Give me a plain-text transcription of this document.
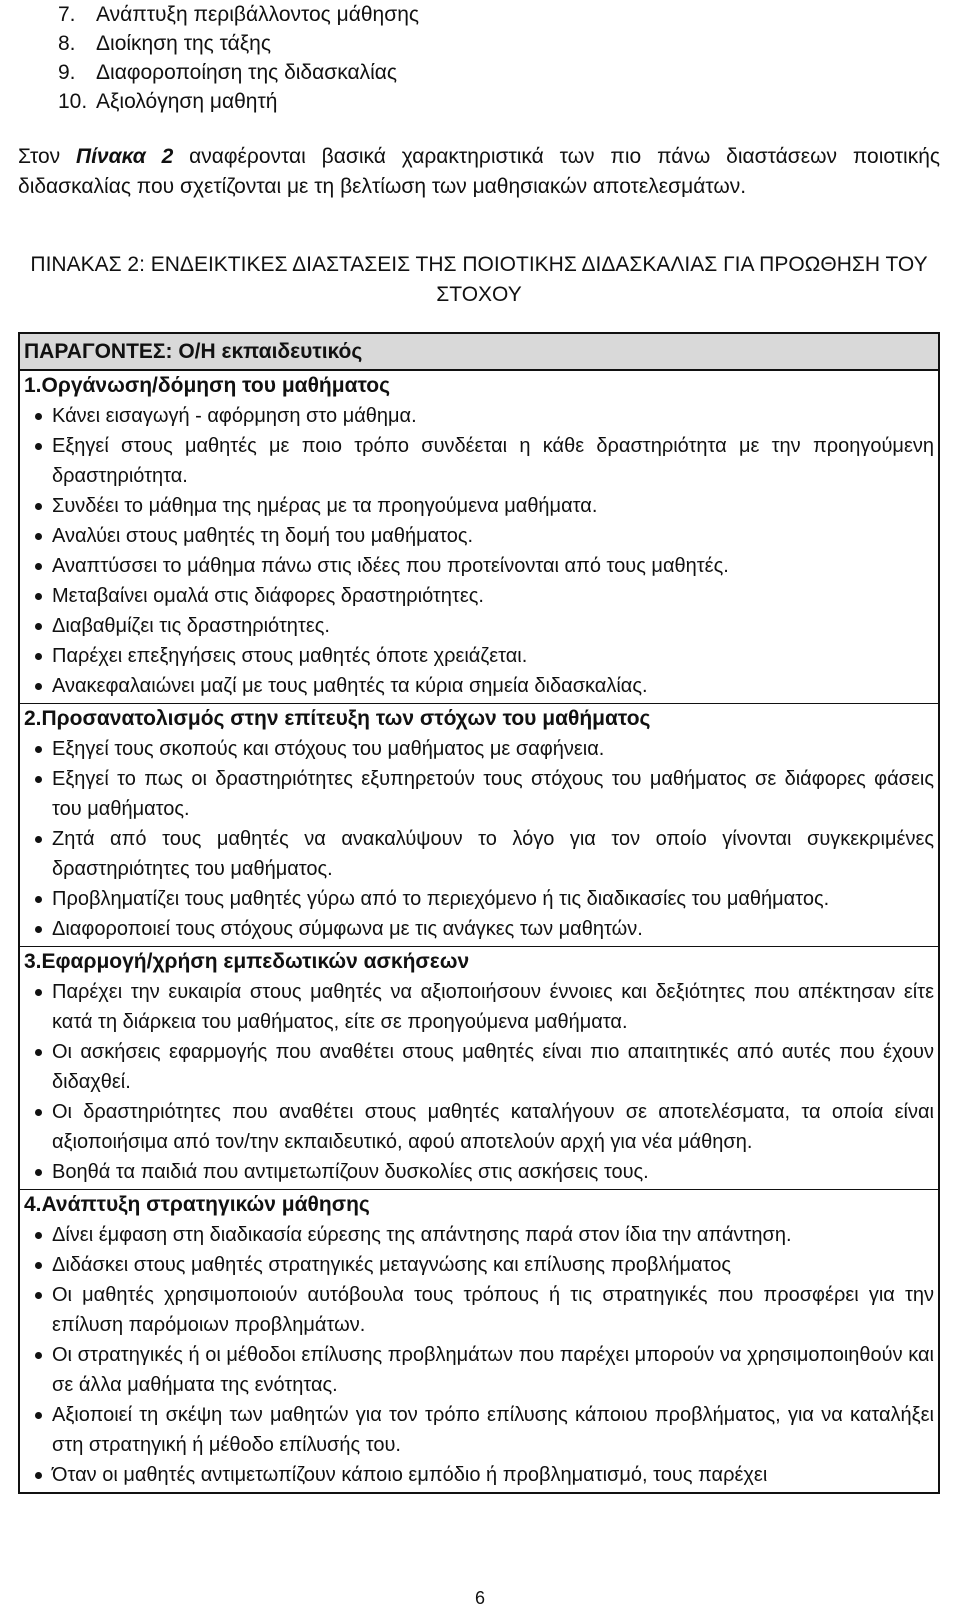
7. Ανάπτυξη περιβάλλοντος μάθησης
8. Διοίκηση της τάξης
9. Διαφοροποίηση της διδασκαλίας
10. Αξιολόγηση μαθητή
Στον Πίνακα 2 αναφέρονται βασικά χαρακτηριστικά των πιο πάνω διαστάσεων ποιοτικής διδασκαλίας που σχετίζονται με τη βελτίωση των μαθησιακών αποτελεσμάτων.
ΠΙΝΑΚΑΣ 2: ΕΝΔΕΙΚΤΙΚΕΣ ΔΙΑΣΤΑΣΕΙΣ ΤΗΣ ΠΟΙΟΤΙΚΗΣ ΔΙΔΑΣΚΑΛΙΑΣ ΓΙΑ ΠΡΟΩΘΗΣΗ ΤΟΥ ΣΤΟΧΟΥ
ΠΑΡΑΓΟΝΤΕΣ: Ο/Η εκπαιδευτικός
1.Οργάνωση/δόμηση του μαθήματος
Κάνει εισαγωγή - αφόρμηση στο μάθημα.
Εξηγεί στους μαθητές με ποιο τρόπο συνδέεται η κάθε δραστηριότητα με την προηγούμενη δραστηριότητα.
Συνδέει το μάθημα της ημέρας με τα προηγούμενα μαθήματα.
Αναλύει στους μαθητές τη δομή του μαθήματος.
Αναπτύσσει το μάθημα πάνω στις ιδέες που προτείνονται από τους μαθητές.
Μεταβαίνει ομαλά στις διάφορες δραστηριότητες.
Διαβαθμίζει τις δραστηριότητες.
Παρέχει επεξηγήσεις στους μαθητές όποτε χρειάζεται.
Ανακεφαλαιώνει μαζί με τους μαθητές τα κύρια σημεία διδασκαλίας.
2.Προσανατολισμός στην επίτευξη των στόχων του μαθήματος
Εξηγεί τους σκοπούς και στόχους του μαθήματος με σαφήνεια.
Εξηγεί το πως οι δραστηριότητες εξυπηρετούν τους στόχους του μαθήματος σε διάφορες φάσεις του μαθήματος.
Ζητά από τους μαθητές να ανακαλύψουν το λόγο για τον οποίο γίνονται συγκεκριμένες δραστηριότητες του μαθήματος.
Προβληματίζει τους μαθητές γύρω από το περιεχόμενο ή τις διαδικασίες του μαθήματος.
Διαφοροποιεί τους στόχους σύμφωνα με τις ανάγκες των μαθητών.
3.Εφαρμογή/χρήση εμπεδωτικών ασκήσεων
Παρέχει την ευκαιρία στους μαθητές να αξιοποιήσουν έννοιες και δεξιότητες που απέκτησαν είτε κατά τη διάρκεια του μαθήματος, είτε σε προηγούμενα μαθήματα.
Οι ασκήσεις εφαρμογής που αναθέτει στους μαθητές είναι πιο απαιτητικές από αυτές που έχουν διδαχθεί.
Οι δραστηριότητες που αναθέτει στους μαθητές καταλήγουν σε αποτελέσματα, τα οποία είναι αξιοποιήσιμα από τον/την εκπαιδευτικό, αφού αποτελούν αρχή για νέα μάθηση.
Βοηθά τα παιδιά που αντιμετωπίζουν δυσκολίες στις ασκήσεις τους.
4.Ανάπτυξη στρατηγικών μάθησης
Δίνει έμφαση στη διαδικασία εύρεσης της απάντησης παρά στον ίδια την απάντηση.
Διδάσκει στους μαθητές στρατηγικές μεταγνώσης και επίλυσης προβλήματος
Οι μαθητές χρησιμοποιούν αυτόβουλα τους τρόπους ή τις στρατηγικές που προσφέρει για την επίλυση παρόμοιων προβλημάτων.
Οι στρατηγικές ή οι μέθοδοι επίλυσης προβλημάτων που παρέχει μπορούν να χρησιμοποιηθούν και σε άλλα μαθήματα της ενότητας.
Αξιοποιεί τη σκέψη των μαθητών για τον τρόπο επίλυσης κάποιου προβλήματος, για να καταλήξει στη στρατηγική ή μέθοδο επίλυσής του.
Όταν οι μαθητές αντιμετωπίζουν κάποιο εμπόδιο ή προβληματισμό, τους παρέχει
6
